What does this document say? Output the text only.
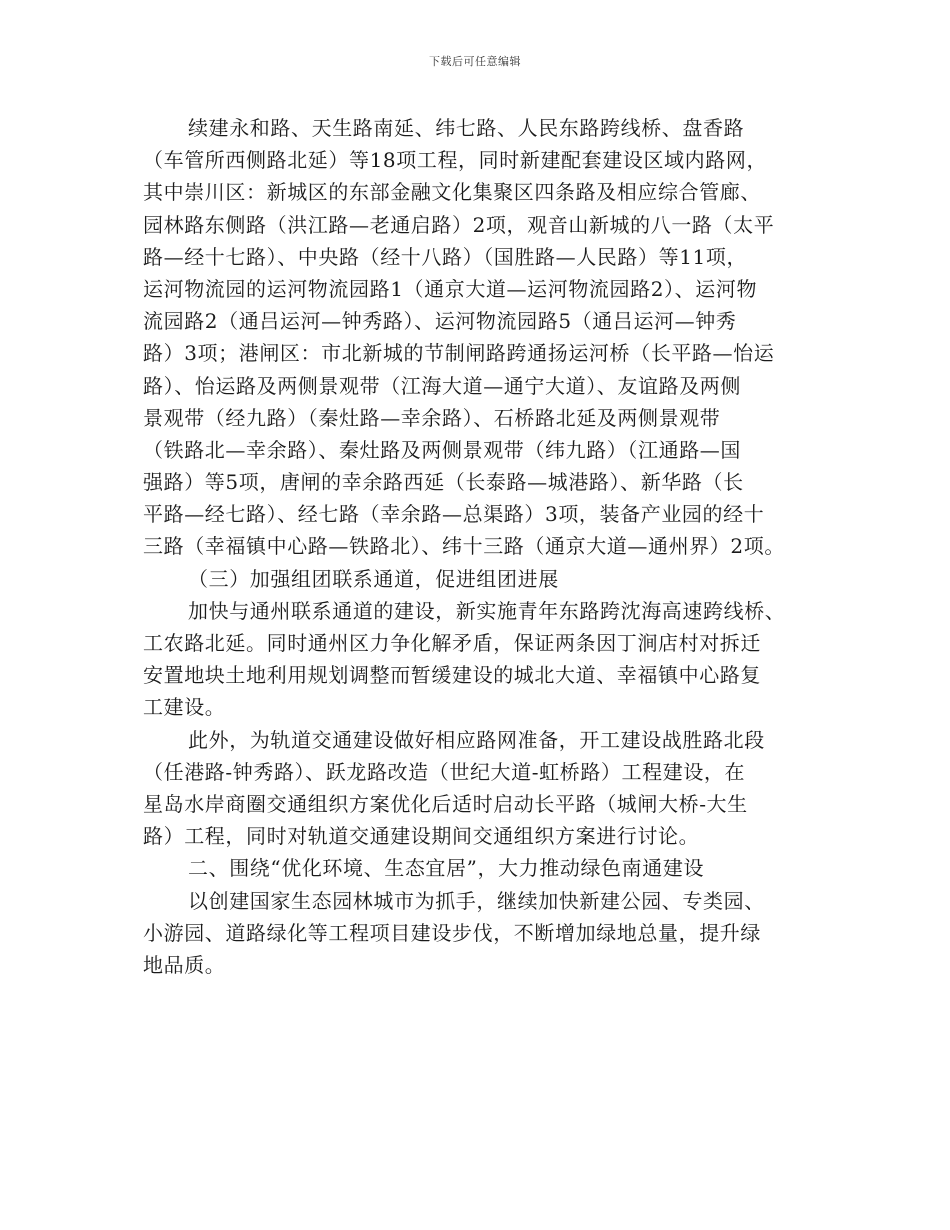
下载后可任意编辑
续建永和路、天生路南延、纬七路、人民东路跨线桥、盘香路
（车管所西侧路北延）等18项工程，同时新建配套建设区域内路网，
其中崇川区：新城区的东部金融文化集聚区四条路及相应综合管廊、
园林路东侧路（洪江路—老通启路）2项，观音山新城的八一路（太平
路—经十七路）、中央路（经十八路）（国胜路—人民路）等11项，
运河物流园的运河物流园路1（通京大道—运河物流园路2）、运河物
流园路2（通吕运河—钟秀路）、运河物流园路5（通吕运河—钟秀
路）3项；港闸区：市北新城的节制闸路跨通扬运河桥（长平路—怡运
路）、怡运路及两侧景观带（江海大道—通宁大道）、友谊路及两侧
景观带（经九路）（秦灶路—幸余路）、石桥路北延及两侧景观带
（铁路北—幸余路）、秦灶路及两侧景观带（纬九路）（江通路—国
强路）等5项，唐闸的幸余路西延（长泰路—城港路）、新华路（长
平路—经七路）、经七路（幸余路—总渠路）3项，装备产业园的经十
三路（幸福镇中心路—铁路北）、纬十三路（通京大道—通州界）2项。
（三）加强组团联系通道，促进组团进展
加快与通州联系通道的建设，新实施青年东路跨沈海高速跨线桥、
工农路北延。同时通州区力争化解矛盾，保证两条因丁涧店村对拆迁
安置地块土地利用规划调整而暂缓建设的城北大道、幸福镇中心路复
工建设。
此外，为轨道交通建设做好相应路网准备，开工建设战胜路北段
（任港路-钟秀路）、跃龙路改造（世纪大道-虹桥路）工程建设，在
星岛水岸商圈交通组织方案优化后适时启动长平路（城闸大桥-大生
路）工程，同时对轨道交通建设期间交通组织方案进行讨论。
二、围绕“优化环境、生态宜居”，大力推动绿色南通建设
以创建国家生态园林城市为抓手，继续加快新建公园、专类园、
小游园、道路绿化等工程项目建设步伐，不断增加绿地总量，提升绿
地品质。
